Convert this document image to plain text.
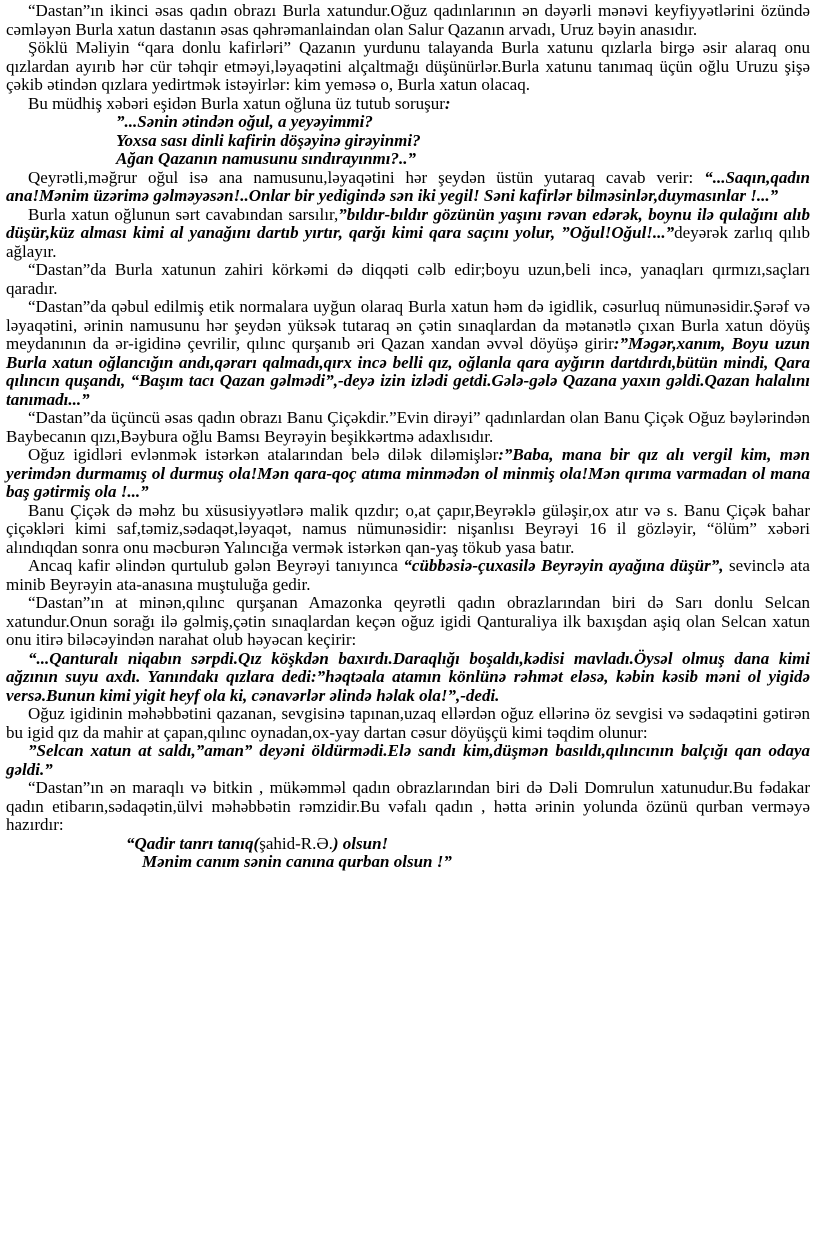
“Dastan”ın ikinci əsas qadın obrazı Burla xatundur.Oğuz qadınlarının ən dəyərli mənəvi keyfiyyətlərini özündə cəmləyən Burla xatun dastanın əsas qəhrəmanlaindan olan Salur Qazanın arvadı, Uruz bəyin anasıdır.

Şöklü Məliyin “qara donlu kafirləri” Qazanın yurdunu talayanda Burla xatunu qızlarla birgə əsir alaraq onu qızlardan ayırıb hər cür təhqir etməyi,ləyaqətini alçaltmağı düşünürlər.Burla xatunu tanımaq üçün oğlu Uruzu şişə çəkib ətindən qızlara yedirtmək istəyirlər: kim yeməsə o, Burla xatun olacaq.

Bu müdhiş xəbəri eşidən Burla xatun oğluna üz tutub soruşur:

”...Sənin ətindən oğul, a yeyəyimmi?

Yoxsa sası dinli kafirin döşəyinə girəyinmi?

Ağan Qazanın namusunu sındırayınmı?..”

Qeyrətli,məğrur oğul isə ana namusunu,ləyaqətini hər şeydən üstün yutaraq cavab verir: “...Saqın,qadın ana!Mənim üzərimə gəlməyəsən!..Onlar bir yedigində sən iki yegil! Səni kafirlər bilməsinlər,duymasınlar !...”

Burla xatun oğlunun sərt cavabından sarsılır,”bıldır-bıldır gözünün yaşını rəvan edərək, boynu ilə qulağını alıb düşür,küz alması kimi al yanağını dartıb yırtır, qarğı kimi qara saçını yolur, ”Oğul!Oğul!...”deyərək zarlıq qılıb ağlayır.

“Dastan”da Burla xatunun zahiri körkəmi də diqqəti cəlb edir;boyu uzun,beli incə, yanaqları qırmızı,saçları qaradır.

“Dastan”da qəbul edilmiş etik normalara uyğun olaraq Burla xatun həm də igidlik, cəsurluq nümunəsidir.Şərəf və ləyaqətini, ərinin namusunu hər şeydən yüksək tutaraq ən çətin sınaqlardan da mətanətlə çıxan Burla xatun döyüş meydanının da ər-igidinə çevrilir, qılınc qurşanıb əri Qazan xandan əvvəl döyüşə girir:”Məgər,xanım, Boyu uzun Burla xatun oğlancığın andı,qərarı qalmadı,qırx incə belli qız, oğlanla qara ayğırın dartdırdı,bütün mindi, Qara qılıncın quşandı, “Başım tacı Qazan gəlmədi”,-deyə izin izlədi getdi.Gələ-gələ Qazana yaxın gəldi.Qazan halalını tanımadı...”

“Dastan”da üçüncü əsas qadın obrazı Banu Çiçəkdir.”Evin dirəyi” qadınlardan olan Banu Çiçək Oğuz bəylərindən Baybecanın qızı,Bəybura oğlu Bamsı Beyrəyin beşikkərtmə adaxlısıdır.

Oğuz igidləri evlənmək istərkən atalarından belə dilək diləmişlər:”Baba, mana bir qız alı vergil kim, mən yerimdən durmamış ol durmuş ola!Mən qara-qoç atıma minmədən ol minmiş ola!Mən qırıma varmadan ol mana baş gətirmiş ola !...”

Banu Çiçək də məhz bu xüsusiyyətlərə malik qızdır; o,at çapır,Beyrəklə güləşir,ox atır və s. Banu Çiçək bahar çiçəkləri kimi saf,təmiz,sədaqət,ləyaqət, namus nümunəsidir: nişanlısı Beyrəyi 16 il gözləyir, “ölüm” xəbəri alındıqdan sonra onu məcburən Yalıncığa vermək istərkən qan-yaş tökub yasa batır.

Ancaq kafir əlindən qurtulub gələn Beyrəyi tanıyınca “cübbəsiə-çuxasilə Beyrəyin ayağına düşür”, sevinclə ata minib Beyrəyin ata-anasına muştuluğa gedir.

“Dastan”ın at minən,qılınc qurşanan Amazonka qeyrətli qadın obrazlarından biri də Sarı donlu Selcan xatundur.Onun sorağı ilə gəlmiş,çətin sınaqlardan keçən oğuz igidi Qanturaliya ilk baxışdan aşiq olan Selcan xatun onu itirə biləcəyindən narahat olub həyəcan keçirir:

“...Qanturalı niqabın sərpdi.Qız köşkdən baxırdı.Daraqlığı boşaldı,kədisi mavladı.Öysəl olmuş dana kimi ağzının suyu axdı. Yanındakı qızlara dedi:”həqtəala atamın könlünə rəhmət eləsə, kəbin kəsib məni ol yigidə versə.Bunun kimi yigit heyf ola ki, cənavərlər əlində həlak ola!”,-dedi.

Oğuz igidinin məhəbbətini qazanan, sevgisinə tapınan,uzaq ellərdən oğuz ellərinə öz sevgisi və sədaqətini gətirən bu igid qız da mahir at çapan,qılınc oynadan,ox-yay dartan cəsur döyüşçü kimi təqdim olunur:

”Selcan xatun at saldı,”aman” deyəni öldürmədi.Elə sandı kim,düşmən basıldı,qılıncının balçığı qan odaya gəldi.”

“Dastan”ın ən maraqlı və bitkin , mükəmməl qadın obrazlarından biri də Dəli Domrulun xatunudur.Bu fədakar qadın etibarın,sədaqətin,ülvi məhəbbətin rəmzidir.Bu vəfalı qadın , hətta ərinin yolunda özünü qurban verməyə hazırdır:

“Qadir tanrı tanıq(şahid-R.Ə.) olsun!

Mənim canım sənin canına qurban olsun !”
